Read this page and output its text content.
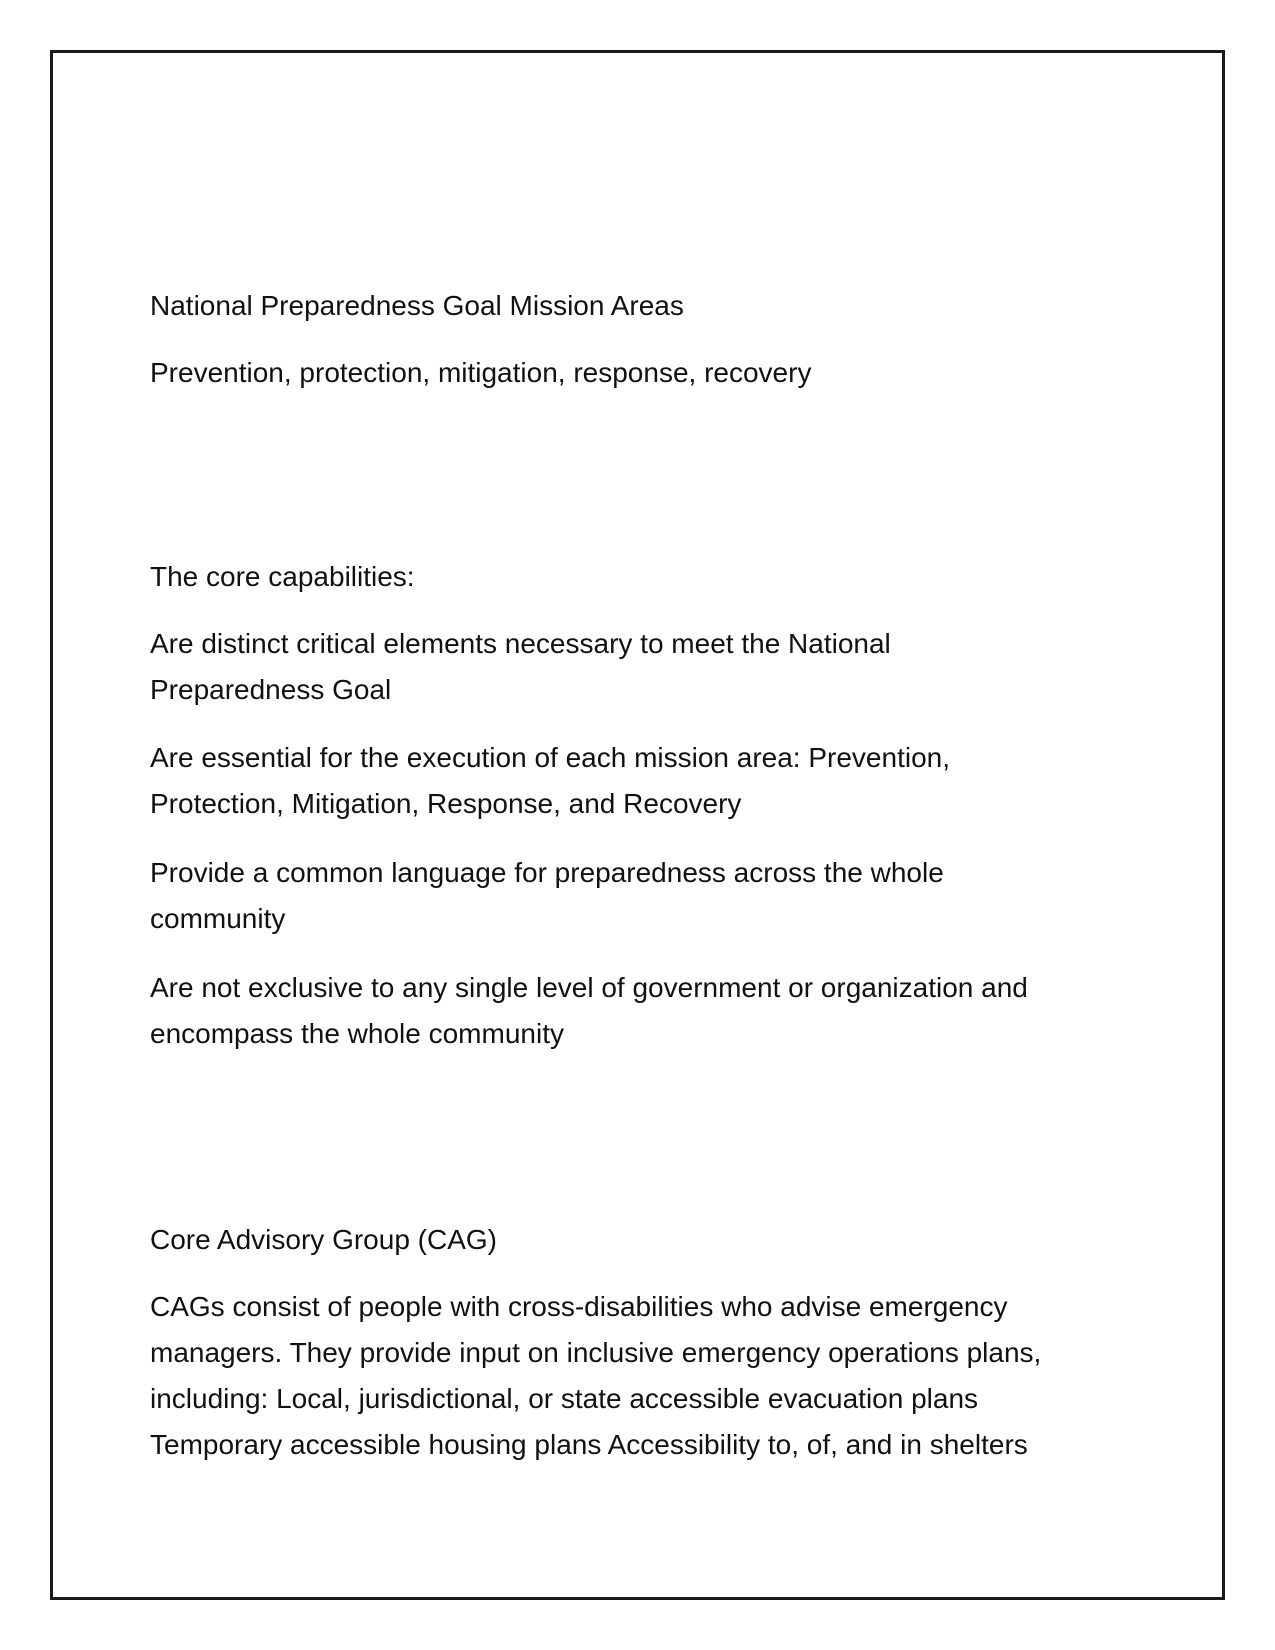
National Preparedness Goal Mission Areas

Prevention, protection, mitigation, response, recovery

The core capabilities:

Are distinct critical elements necessary to meet the National
Preparedness Goal

Are essential for the execution of each mission area: Prevention,
Protection, Mitigation, Response, and Recovery

Provide a common language for preparedness across the whole
community

Are not exclusive to any single level of government or organization and
encompass the whole community

Core Advisory Group (CAG)

CAGs consist of people with cross-disabilities who advise emergency
managers. They provide input on inclusive emergency operations plans,
including: Local, jurisdictional, or state accessible evacuation plans
Temporary accessible housing plans Accessibility to, of, and in shelters
